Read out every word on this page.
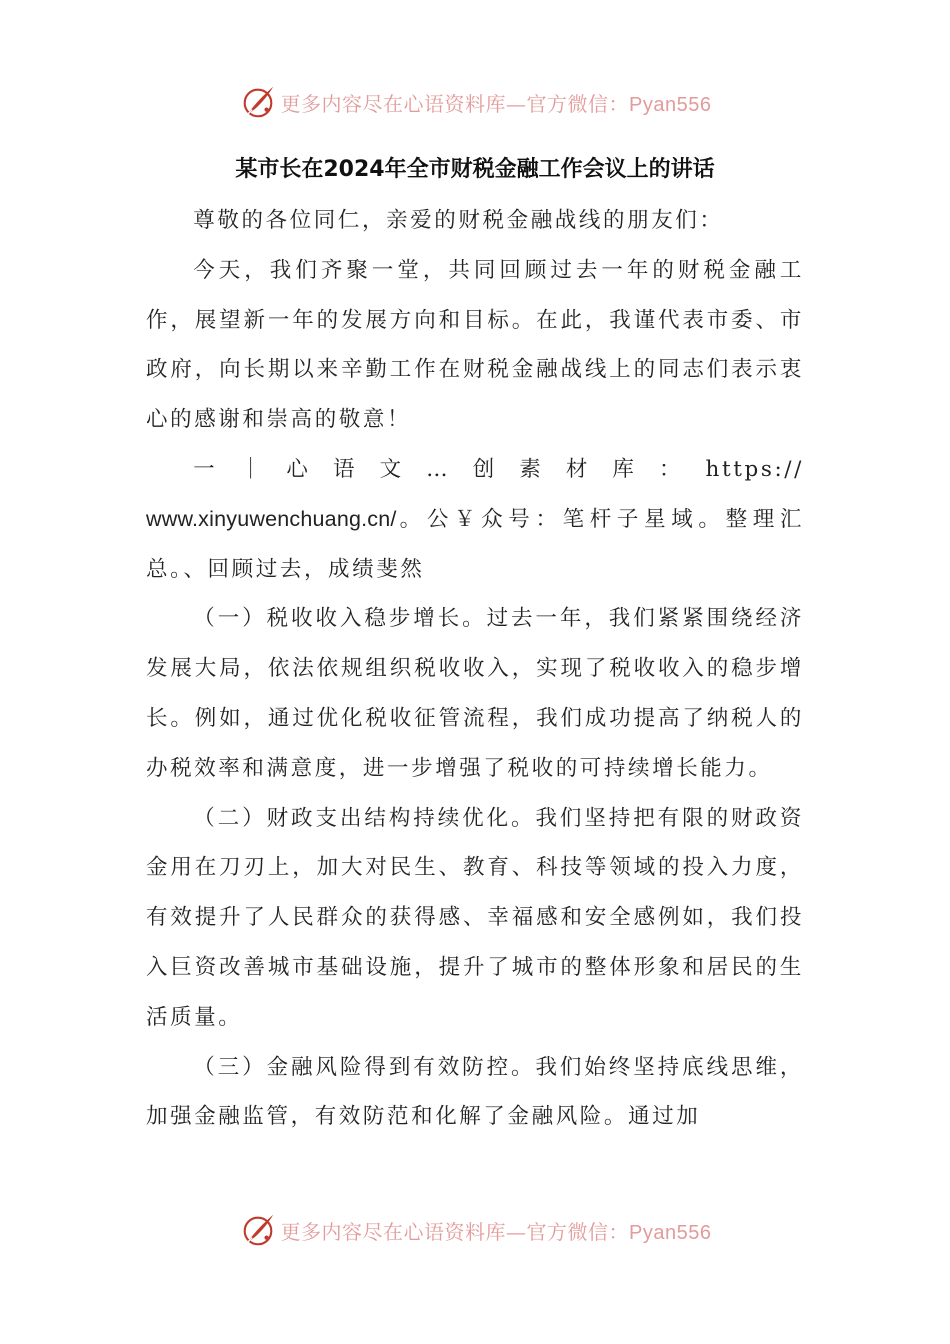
更多内容尽在心语资料库—官方微信：Pyan556
某市长在2024年全市财税金融工作会议上的讲话

尊敬的各位同仁，亲爱的财税金融战线的朋友们：

今天，我们齐聚一堂，共同回顾过去一年的财税金融工作，展望新一年的发展方向和目标。在此，我谨代表市委、市政府，向长期以来辛勤工作在财税金融战线上的同志们表示衷心的感谢和崇高的敬意！

一｜心语文…创素材库：https://

www.xinyuwenchuang.cn/。公￥众号：笔杆子星域。整理汇总。、回顾过去，成绩斐然

（一）税收收入稳步增长。过去一年，我们紧紧围绕经济发展大局，依法依规组织税收收入，实现了税收收入的稳步增长。例如，通过优化税收征管流程，我们成功提高了纳税人的办税效率和满意度，进一步增强了税收的可持续增长能力。

（二）财政支出结构持续优化。我们坚持把有限的财政资金用在刀刃上，加大对民生、教育、科技等领域的投入力度，有效提升了人民群众的获得感、幸福感和安全感例如，我们投入巨资改善城市基础设施，提升了城市的整体形象和居民的生活质量。

（三）金融风险得到有效防控。我们始终坚持底线思维，加强金融监管，有效防范和化解了金融风险。通过加

更多内容尽在心语资料库—官方微信：Pyan556
